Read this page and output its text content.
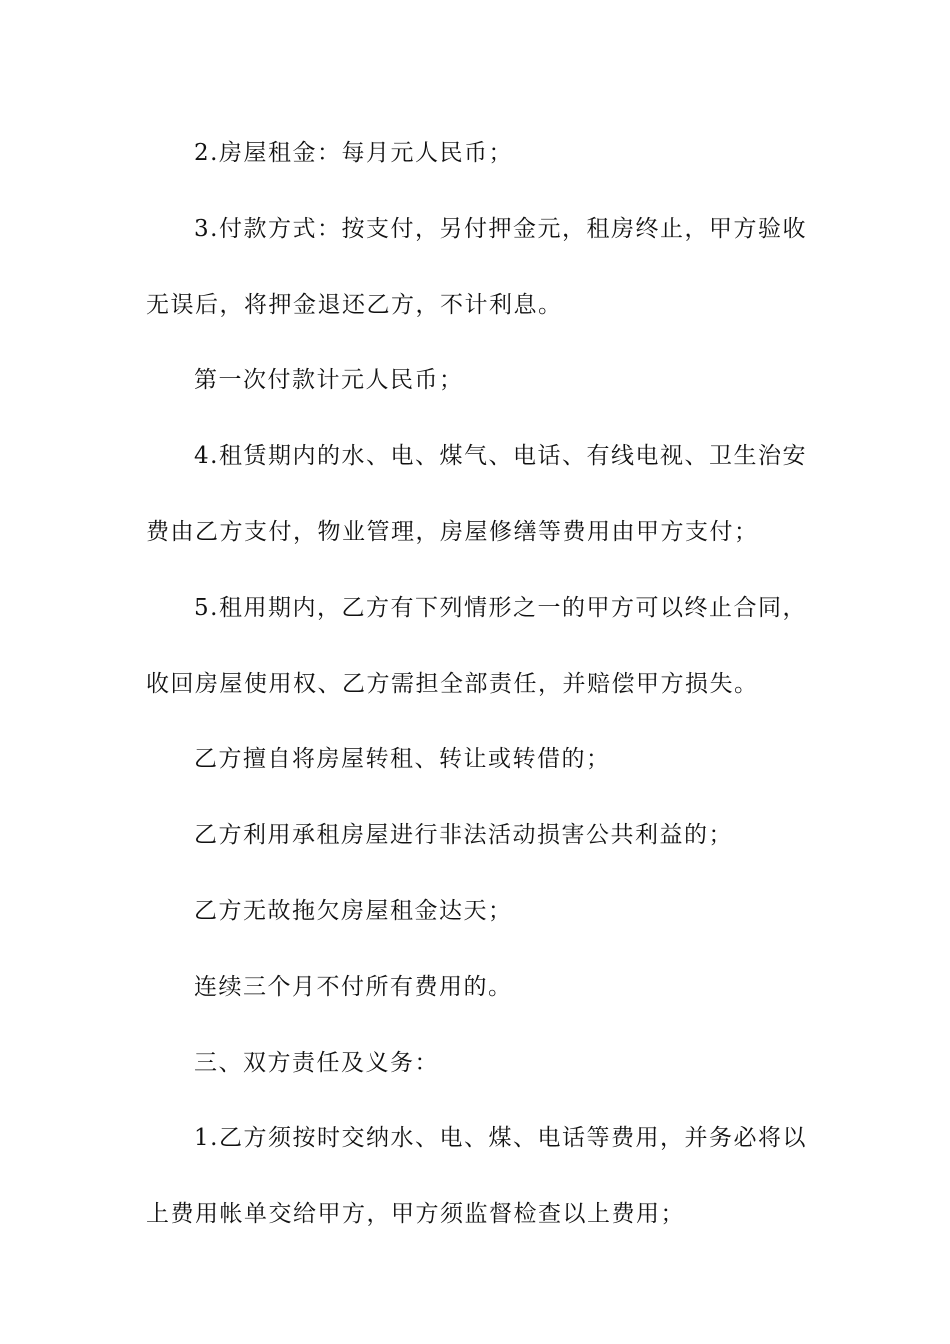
2.房屋租金：每月元人民币；

3.付款方式：按支付，另付押金元，租房终止，甲方验收

无误后，将押金退还乙方，不计利息。

第一次付款计元人民币；

4.租赁期内的水、电、煤气、电话、有线电视、卫生治安

费由乙方支付，物业管理，房屋修缮等费用由甲方支付；

5.租用期内，乙方有下列情形之一的甲方可以终止合同，

收回房屋使用权、乙方需担全部责任，并赔偿甲方损失。

乙方擅自将房屋转租、转让或转借的；

乙方利用承租房屋进行非法活动损害公共利益的；

乙方无故拖欠房屋租金达天；

连续三个月不付所有费用的。

三、双方责任及义务：

1.乙方须按时交纳水、电、煤、电话等费用，并务必将以

上费用帐单交给甲方，甲方须监督检查以上费用；
